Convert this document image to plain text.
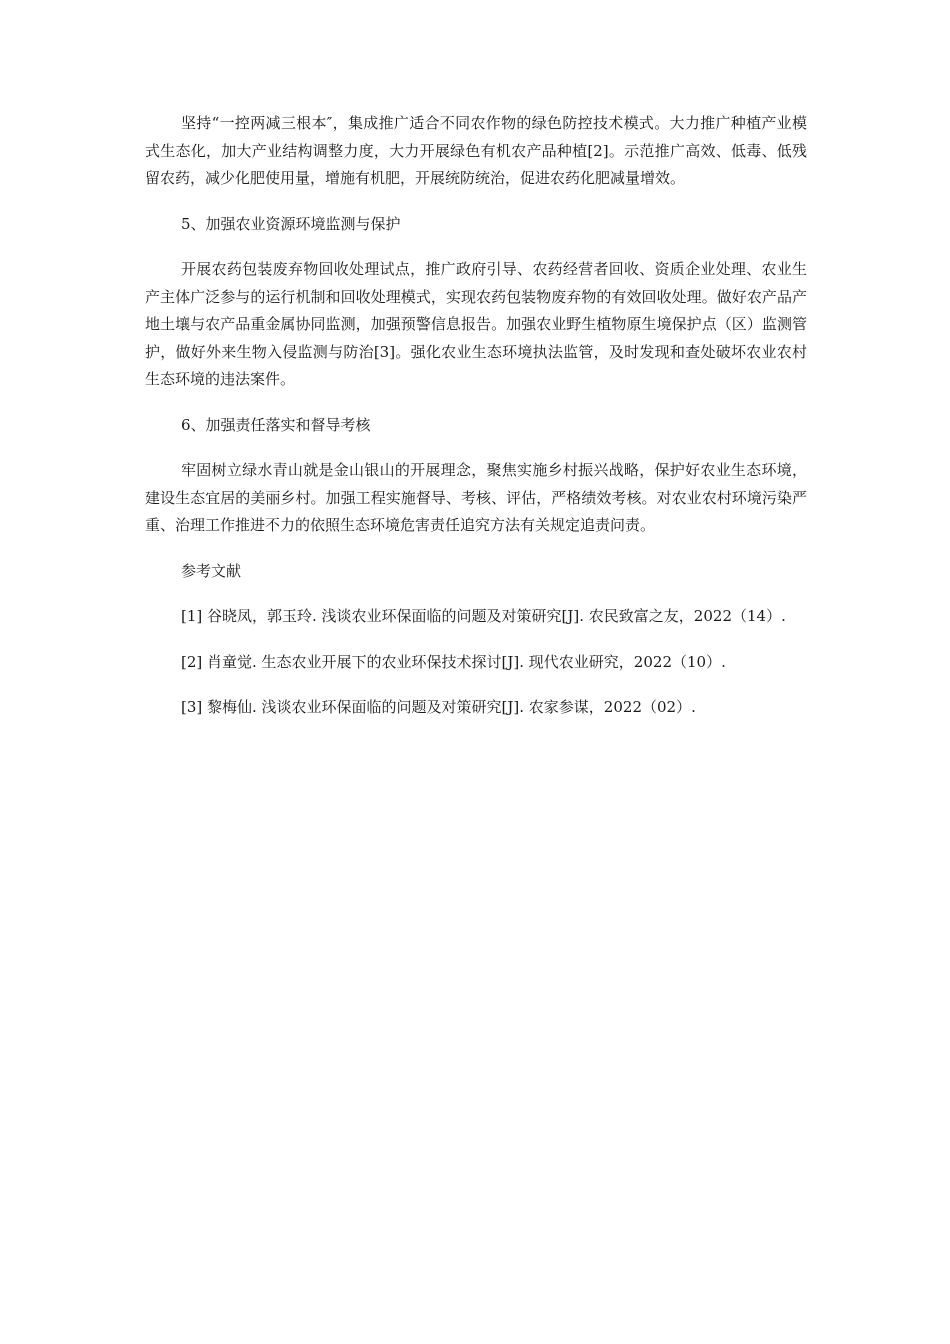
坚持“一控两减三根本″，集成推广适合不同农作物的绿色防控技术模式。大力推广种植产业模式生态化，加大产业结构调整力度，大力开展绿色有机农产品种植[2]。示范推广高效、低毒、低残留农药，减少化肥使用量，增施有机肥，开展统防统治，促进农药化肥减量增效。

5、加强农业资源环境监测与保护

开展农药包装废弃物回收处理试点，推广政府引导、农药经营者回收、资质企业处理、农业生产主体广泛参与的运行机制和回收处理模式，实现农药包装物废弃物的有效回收处理。做好农产品产地土壤与农产品重金属协同监测，加强预警信息报告。加强农业野生植物原生境保护点（区）监测管护，做好外来生物入侵监测与防治[3]。强化农业生态环境执法监管，及时发现和查处破坏农业农村生态环境的违法案件。

6、加强责任落实和督导考核

牢固树立绿水青山就是金山银山的开展理念，聚焦实施乡村振兴战略，保护好农业生态环境，建设生态宜居的美丽乡村。加强工程实施督导、考核、评估，严格绩效考核。对农业农村环境污染严重、治理工作推进不力的依照生态环境危害责任追究方法有关规定追责问责。

参考文献

[1] 谷晓凤，郭玉玲. 浅谈农业环保面临的问题及对策研究[J]. 农民致富之友，2022（14）.

[2] 肖童觉. 生态农业开展下的农业环保技术探讨[J]. 现代农业研究，2022（10）.

[3] 黎梅仙. 浅谈农业环保面临的问题及对策研究[J]. 农家参谋，2022（02）.
